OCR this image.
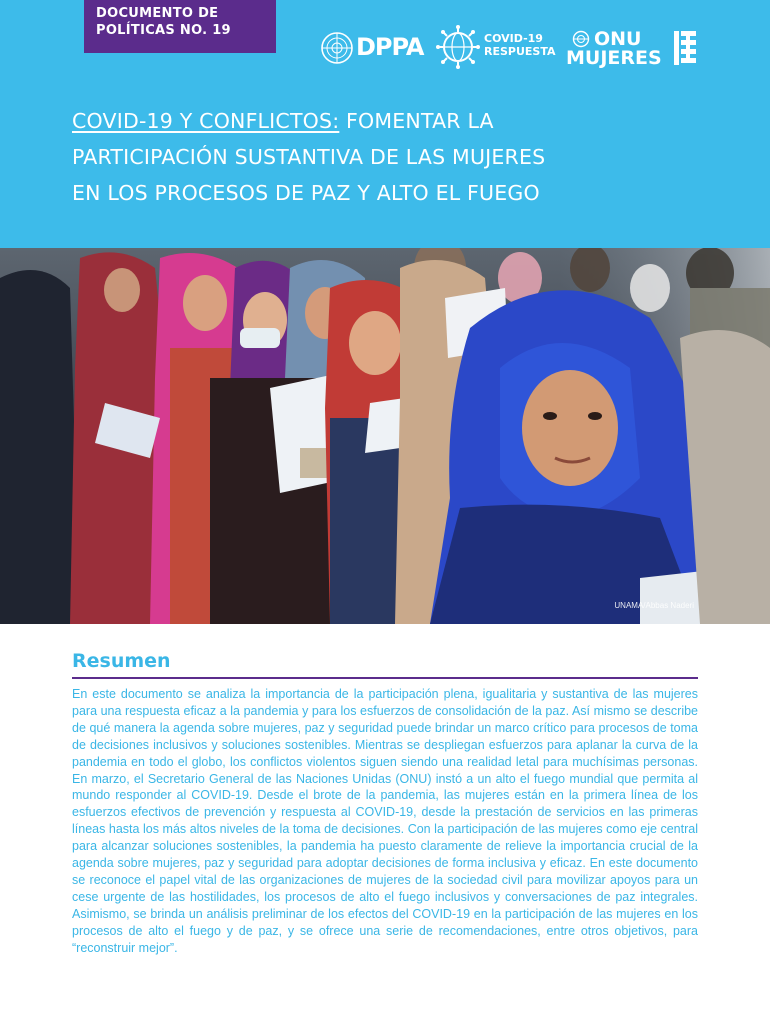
DOCUMENTO DE
POLÍTICAS NO. 19
DPPA	COVID-19
RESPUESTA
ONU
MUJERES
COVID-19 Y CONFLICTOS: FOMENTAR LA
PARTICIPACIÓN SUSTANTIVA DE LAS MUJERES
EN LOS PROCESOS DE PAZ Y ALTO EL FUEGO
UNAMA/Abbas Naderi
Resumen

En este documento se analiza la importancia de la participación plena, igualitaria y sustantiva de las mujeres para una respuesta eficaz a la pandemia y para los esfuerzos de consolidación de la paz. Así mismo se describe de qué manera la agenda sobre mujeres, paz y seguridad puede brindar un marco crítico para procesos de toma de decisiones inclusivos y soluciones sostenibles. Mientras se despliegan esfuerzos para aplanar la curva de la pandemia en todo el globo, los conflictos violentos siguen siendo una realidad letal para muchísimas personas. En marzo, el Secretario General de las Naciones Unidas (ONU) instó a un alto el fuego mundial que permita al mundo responder al COVID-19. Desde el brote de la pandemia, las mujeres están en la primera línea de los esfuerzos efectivos de prevención y respuesta al COVID-19, desde la prestación de servicios en las primeras líneas hasta los más altos niveles de la toma de decisiones. Con la participación de las mujeres como eje central para alcanzar soluciones sostenibles, la pandemia ha puesto claramente de relieve la importancia crucial de la agenda sobre mujeres, paz y seguridad para adoptar decisiones de forma inclusiva y eficaz. En este documento se reconoce el papel vital de las organizaciones de mujeres de la sociedad civil para movilizar apoyos para un cese urgente de las hostilidades, los procesos de alto el fuego inclusivos y conversaciones de paz integrales. Asimismo, se brinda un análisis preliminar de los efectos del COVID-19 en la participación de las mujeres en los procesos de alto el fuego y de paz, y se ofrece una serie de recomendaciones, entre otros objetivos, para “reconstruir mejor”.
